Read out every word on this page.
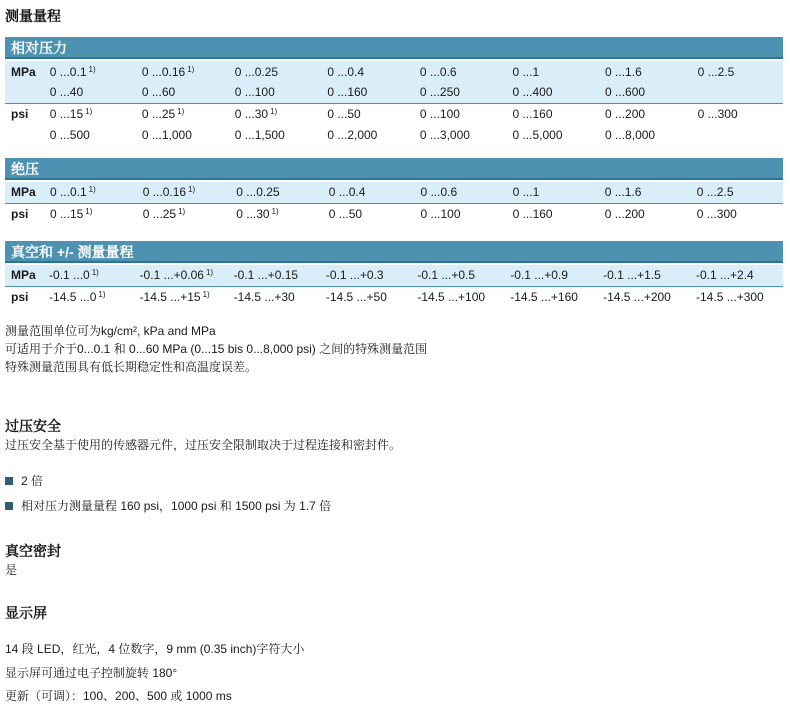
测量量程
相对压力
MPa	0 ...0.1 $^{1)}$	0 ...0.16 $^{1)}$	0 ...0.25	0 ...0.4	0 ...0.6	0 ...1	0 ...1.6	0 ...2.5
	0 ...40	0 ...60	0 ...100	0 ...160	0 ...250	0 ...400	0 ...600	
psi	0 ...15 $^{1)}$	0 ...25 $^{1)}$	0 ...30 $^{1)}$	0 ...50	0 ...100	0 ...160	0 ...200	0 ...300
	0 ...500	0 ...1,000	0 ...1,500	0 ...2,000	0 ...3,000	0 ...5,000	0 ...8,000	
绝压
MPa	0 ...0.1 $^{1)}$	0 ...0.16 $^{1)}$	0 ...0.25	0 ...0.4	0 ...0.6	0 ...1	0 ...1.6	0 ...2.5
psi	0 ...15 $^{1)}$	0 ...25 $^{1)}$	0 ...30 $^{1)}$	0 ...50	0 ...100	0 ...160	0 ...200	0 ...300
真空和 +/- 测量量程
MPa	-0.1 ...0 $^{1)}$	-0.1 ...+0.06 $^{1)}$	-0.1 ...+0.15	-0.1 ...+0.3	-0.1 ...+0.5	-0.1 ...+0.9	-0.1 ...+1.5	-0.1 ...+2.4
psi	-14.5 ...0 $^{1)}$	-14.5 ...+15 $^{1)}$	-14.5 ...+30	-14.5 ...+50	-14.5 ...+100	-14.5 ...+160	-14.5 ...+200	-14.5 ...+300
测量范围单位可为kg/cm², kPa and MPa
可适用于介于0...0.1 和 0...60 MPa (0...15 bis 0...8,000 psi) 之间的特殊测量范围
特殊测量范围具有低长期稳定性和高温度误差。
过压安全
过压安全基于使用的传感器元件，过压安全限制取决于过程连接和密封件。
2 倍
相对压力测量量程 160 psi，1000 psi 和 1500 psi 为 1.7 倍
真空密封
是
显示屏
14 段 LED，红光，4 位数字，9 mm (0.35 inch)字符大小
显示屏可通过电子控制旋转 180°
更新（可调）：100、200、500 或 1000 ms
